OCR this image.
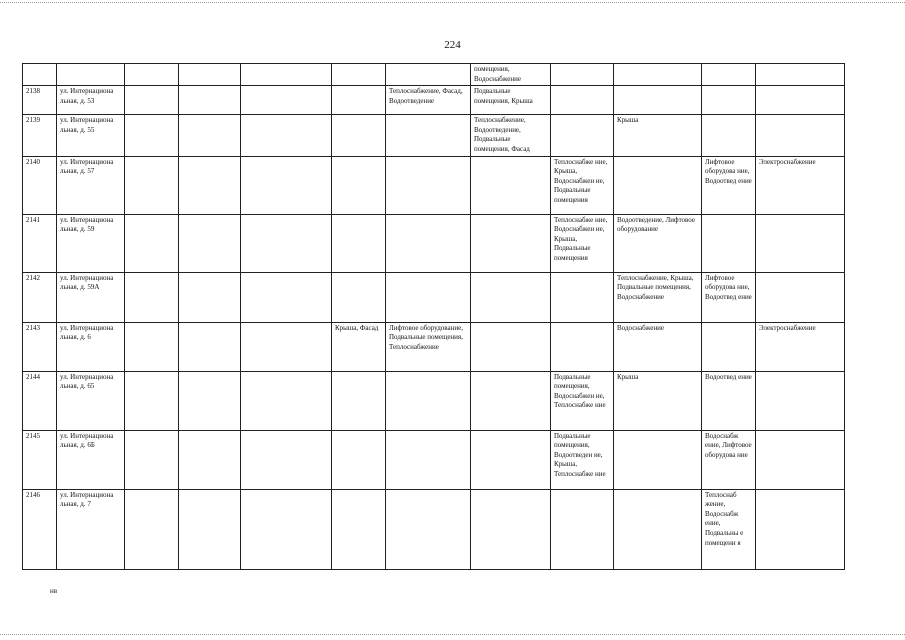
224
							помещения, Водоснабжение				
2138	ул. Интернациона льная, д. 53					Теплоснабжение, Фасад, Водоотведение	Подвальные помещения, Крыша				
2139	ул. Интернациона льная, д. 55						Теплоснабжение, Водоотведение, Подвальные помещения, Фасад		Крыша		
2140	ул. Интернациона льная, д. 57							Теплоснабже ние, Крыша, Водоснабжен ие, Подвальные помещения		Лифтовое оборудова ние, Водоотвед ение	Электроснабжение
2141	ул. Интернациона льная, д. 59							Теплоснабже ние, Водоснабжен ие, Крыша, Подвальные помещения	Водоотведение, Лифтовое оборудование		
2142	ул. Интернациона льная, д. 59А								Теплоснабжение, Крыша, Подвальные помещения, Водоснабжение	Лифтовое оборудова ние, Водоотвед ение	
2143	ул. Интернациона льная, д. 6				Крыша, Фасад	Лифтовое оборудование, Подвальные помещения, Теплоснабжение			Водоснабжение		Электроснабжение
2144	ул. Интернациона льная, д. 65							Подвальные помещения, Водоснабжен ие, Теплоснабже ние	Крыша	Водоотвед ение	
2145	ул. Интернациона льная, д. 6Б							Подвальные помещения, Водоотведен ие, Крыша, Теплоснабже ние		Водоснабж ение, Лифтовое оборудова ние	
2146	ул. Интернациона льная, д. 7									Теплоснаб жение, Водоснабж ение, Подвальны е помещени я	
нв
